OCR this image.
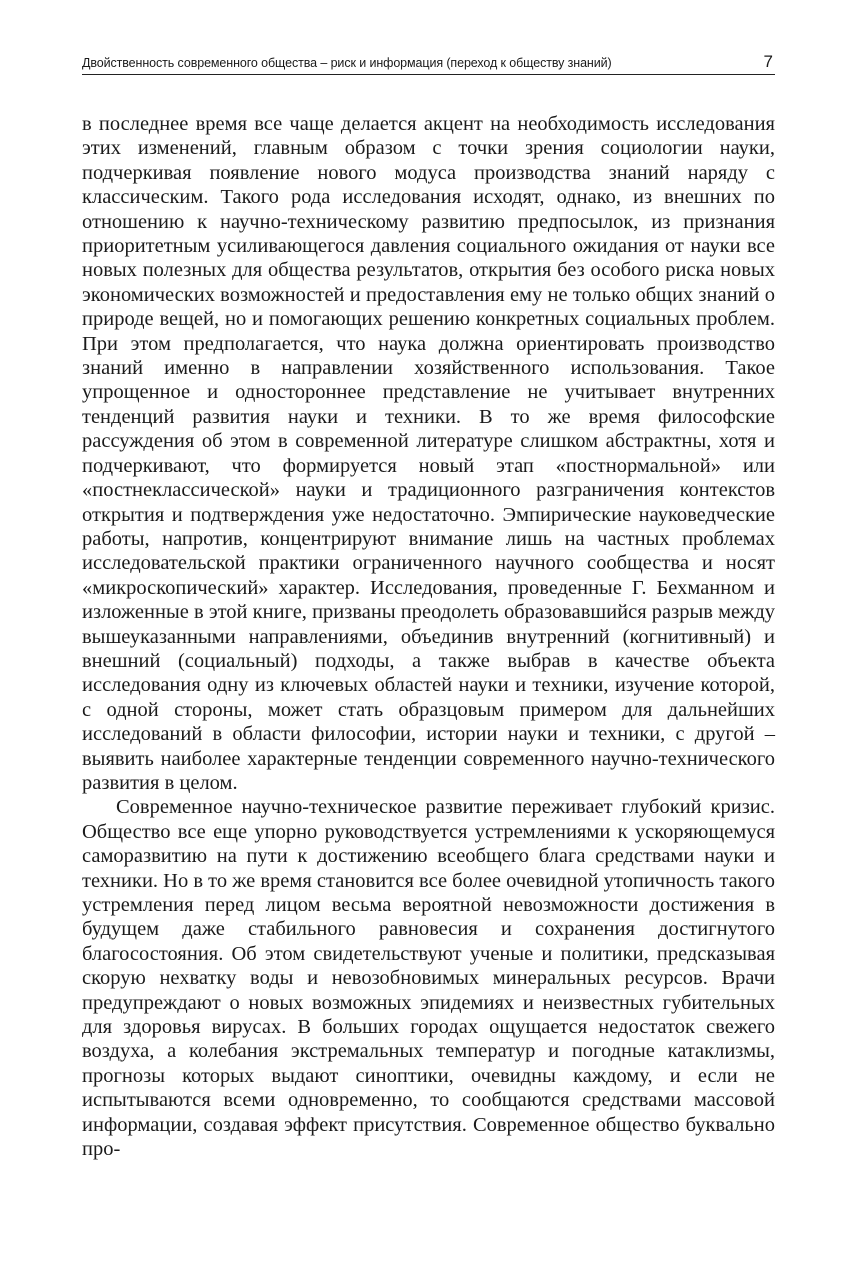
Двойственность современного общества – риск и информация (переход к обществу знаний)	7

в последнее время все чаще делается акцент на необходимость исследования этих изменений, главным образом с точки зрения социологии науки, подчеркивая появление нового модуса производства знаний наряду с классическим. Такого рода исследования исходят, однако, из внешних по отношению к научно-техническому развитию предпосылок, из признания приоритетным усиливающегося давления социального ожидания от науки все новых полезных для общества результатов, открытия без особого риска новых экономических возможностей и предоставления ему не только общих знаний о природе вещей, но и помогающих решению конкретных социальных проблем. При этом предполагается, что наука должна ориентировать производство знаний именно в направлении хозяйственного использования. Такое упрощенное и одностороннее представление не учитывает внутренних тенденций развития науки и техники. В то же время философские рассуждения об этом в современной литературе слишком абстрактны, хотя и подчеркивают, что формируется новый этап «постнормальной» или «постнеклассической» науки и традиционного разграничения контекстов открытия и подтверждения уже недостаточно. Эмпирические науковедческие работы, напротив, концентрируют внимание лишь на частных проблемах исследовательской практики ограниченного научного сообщества и носят «микроскопический» характер. Исследования, проведенные Г. Бехманном и изложенные в этой книге, призваны преодолеть образовавшийся разрыв между вышеуказанными направлениями, объединив внутренний (когнитивный) и внешний (социальный) подходы, а также выбрав в качестве объекта исследования одну из ключевых областей науки и техники, изучение которой, с одной стороны, может стать образцовым примером для дальнейших исследований в области философии, истории науки и техники, с другой – выявить наиболее характерные тенденции современного научно-технического развития в целом.

Современное научно-техническое развитие переживает глубокий кризис. Общество все еще упорно руководствуется устремлениями к ускоряющемуся саморазвитию на пути к достижению всеобщего блага средствами науки и техники. Но в то же время становится все более очевидной утопичность такого устремления перед лицом весьма вероятной невозможности достижения в будущем даже стабильного равновесия и сохранения достигнутого благосостояния. Об этом свидетельствуют ученые и политики, предсказывая скорую нехватку воды и невозобновимых минеральных ресурсов. Врачи предупреждают о новых возможных эпидемиях и неизвестных губительных для здоровья вирусах. В больших городах ощущается недостаток свежего воздуха, а колебания экстремальных температур и погодные катаклизмы, прогнозы которых выдают синоптики, очевидны каждому, и если не испытываются всеми одновременно, то сообщаются средствами массовой информации, создавая эффект присутствия. Современное общество буквально про-
